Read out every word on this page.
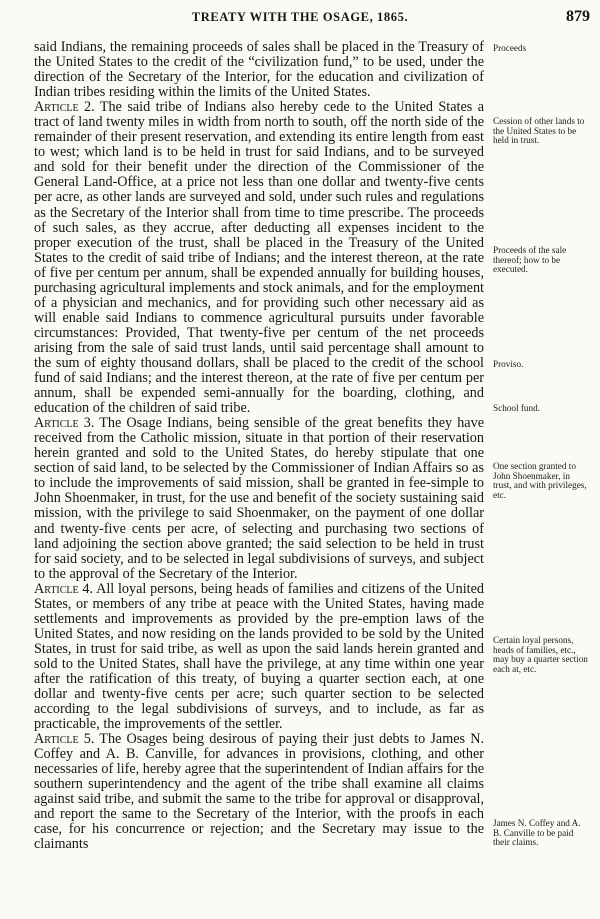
TREATY WITH THE OSAGE, 1865.	879

said Indians, the remaining proceeds of sales shall be placed in the Treasury of the United States to the credit of the “civilization fund,” to be used, under the direction of the Secretary of the Interior, for the education and civilization of Indian tribes residing within the limits of the United States.

Article 2. The said tribe of Indians also hereby cede to the United States a tract of land twenty miles in width from north to south, off the north side of the remainder of their present reservation, and extending its entire length from east to west; which land is to be held in trust for said Indians, and to be surveyed and sold for their benefit under the direction of the Commissioner of the General Land-Office, at a price not less than one dollar and twenty-five cents per acre, as other lands are surveyed and sold, under such rules and regulations as the Secretary of the Interior shall from time to time prescribe. The proceeds of such sales, as they accrue, after deducting all expenses incident to the proper execution of the trust, shall be placed in the Treasury of the United States to the credit of said tribe of Indians; and the interest thereon, at the rate of five per centum per annum, shall be expended annually for building houses, purchasing agricultural implements and stock animals, and for the employment of a physician and mechanics, and for providing such other necessary aid as will enable said Indians to commence agricultural pursuits under favorable circumstances: Provided, That twenty-five per centum of the net proceeds arising from the sale of said trust lands, until said percentage shall amount to the sum of eighty thousand dollars, shall be placed to the credit of the school fund of said Indians; and the interest thereon, at the rate of five per centum per annum, shall be expended semi-annually for the boarding, clothing, and education of the children of said tribe.

Article 3. The Osage Indians, being sensible of the great benefits they have received from the Catholic mission, situate in that portion of their reservation herein granted and sold to the United States, do hereby stipulate that one section of said land, to be selected by the Commissioner of Indian Affairs so as to include the improvements of said mission, shall be granted in fee-simple to John Shoenmaker, in trust, for the use and benefit of the society sustaining said mission, with the privilege to said Shoenmaker, on the payment of one dollar and twenty-five cents per acre, of selecting and purchasing two sections of land adjoining the section above granted; the said selection to be held in trust for said society, and to be selected in legal subdivisions of surveys, and subject to the approval of the Secretary of the Interior.

Article 4. All loyal persons, being heads of families and citizens of the United States, or members of any tribe at peace with the United States, having made settlements and improvements as provided by the pre-emption laws of the United States, and now residing on the lands provided to be sold by the United States, in trust for said tribe, as well as upon the said lands herein granted and sold to the United States, shall have the privilege, at any time within one year after the ratification of this treaty, of buying a quarter section each, at one dollar and twenty-five cents per acre; such quarter section to be selected according to the legal subdivisions of surveys, and to include, as far as practicable, the improvements of the settler.

Article 5. The Osages being desirous of paying their just debts to James N. Coffey and A. B. Canville, for advances in provisions, clothing, and other necessaries of life, hereby agree that the superintendent of Indian affairs for the southern superintendency and the agent of the tribe shall examine all claims against said tribe, and submit the same to the tribe for approval or disapproval, and report the same to the Secretary of the Interior, with the proofs in each case, for his concurrence or rejection; and the Secretary may issue to the claimants

Proceeds
Cession of other lands to the United States to be held in trust.
Proceeds of the sale thereof; how to be executed.
Proviso.
School fund.
One section granted to John Shoenmaker, in trust, and with privileges, etc.
Certain loyal persons, heads of families, etc., may buy a quarter section each at, etc.
James N. Coffey and A. B. Canville to be paid their claims.
